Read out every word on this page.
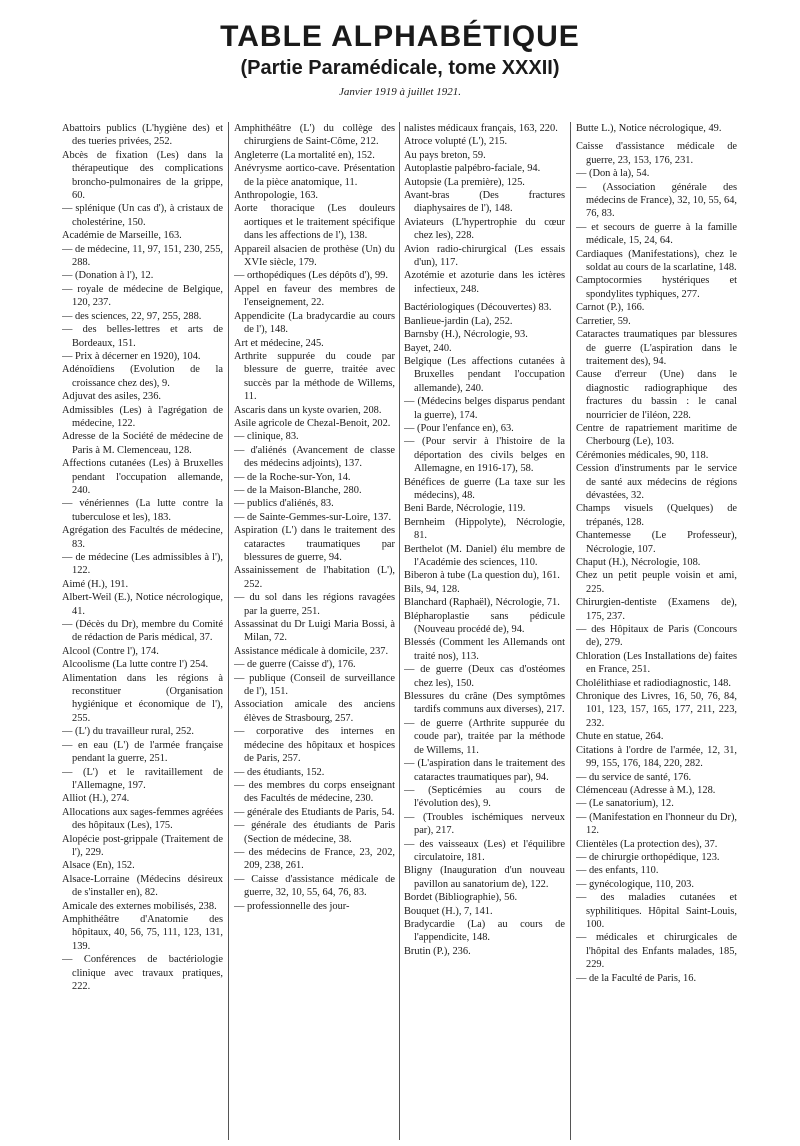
TABLE ALPHABÉTIQUE
(Partie Paramédicale, tome XXXII)
Janvier 1919 à juillet 1921.

Abattoirs publics (L'hygiène des) et des tueries privées, 252.

Abcès de fixation (Les) dans la thérapeutique des complications broncho-pulmonaires de la grippe, 60.

— splénique (Un cas d'), à cristaux de cholestérine, 150.

Académie de Marseille, 163.

— de médecine, 11, 97, 151, 230, 255, 288.

— (Donation à l'), 12.

— royale de médecine de Belgique, 120, 237.

— des sciences, 22, 97, 255, 288.

— des belles-lettres et arts de Bordeaux, 151.

— Prix à décerner en 1920), 104.

Adénoïdiens (Evolution de la croissance chez des), 9.

Adjuvat des asiles, 236.

Admissibles (Les) à l'agrégation de médecine, 122.

Adresse de la Société de médecine de Paris à M. Clemenceau, 128.

Affections cutanées (Les) à Bruxelles pendant l'occupation allemande, 240.

— vénériennes (La lutte contre la tuberculose et les), 183.

Agrégation des Facultés de médecine, 83.

— de médecine (Les admissibles à l'), 122.

Aimé (H.), 191.

Albert-Weil (E.), Notice nécrologique, 41.

— (Décès du Dr), membre du Comité de rédaction de Paris médical, 37.

Alcool (Contre l'), 174.

Alcoolisme (La lutte contre l') 254.

Alimentation dans les régions à reconstituer (Organisation hygiénique et économique de l'), 255.

— (L') du travailleur rural, 252.

— en eau (L') de l'armée française pendant la guerre, 251.

— (L') et le ravitaillement de l'Allemagne, 197.

Alliot (H.), 274.

Allocations aux sages-femmes agréées des hôpitaux (Les), 175.

Alopécie post-grippale (Traitement de l'), 229.

Alsace (En), 152.

Alsace-Lorraine (Médecins désireux de s'installer en), 82.

Amicale des externes mobilisés, 238.

Amphithéâtre d'Anatomie des hôpitaux, 40, 56, 75, 111, 123, 131, 139.

— Conférences de bactériologie clinique avec travaux pratiques, 222.

Amphithéâtre (L') du collège des chirurgiens de Saint-Côme, 212.

Angleterre (La mortalité en), 152.

Anévrysme aortico-cave. Présentation de la pièce anatomique, 11.

Anthropologie, 163.

Aorte thoracique (Les douleurs aortiques et le traitement spécifique dans les affections de l'), 138.

Appareil alsacien de prothèse (Un) du XVIe siècle, 179.

— orthopédiques (Les dépôts d'), 99.

Appel en faveur des membres de l'enseignement, 22.

Appendicite (La bradycardie au cours de l'), 148.

Art et médecine, 245.

Arthrite suppurée du coude par blessure de guerre, traitée avec succès par la méthode de Willems, 11.

Ascaris dans un kyste ovarien, 208.

Asile agricole de Chezal-Benoit, 202.

— clinique, 83.

— d'aliénés (Avancement de classe des médecins adjoints), 137.

— de la Roche-sur-Yon, 14.

— de la Maison-Blanche, 280.

— publics d'aliénés, 83.

— de Sainte-Gemmes-sur-Loire, 137.

Aspiration (L') dans le traitement des cataractes traumatiques par blessures de guerre, 94.

Assainissement de l'habitation (L'), 252.

— du sol dans les régions ravagées par la guerre, 251.

Assassinat du Dr Luigi Maria Bossi, à Milan, 72.

Assistance médicale à domicile, 237.

— de guerre (Caisse d'), 176.

— publique (Conseil de surveillance de l'), 151.

Association amicale des anciens élèves de Strasbourg, 257.

— corporative des internes en médecine des hôpitaux et hospices de Paris, 257.

— des étudiants, 152.

— des membres du corps enseignant des Facultés de médecine, 230.

— générale des Etudiants de Paris, 54.

— générale des étudiants de Paris (Section de médecine, 38.

— des médecins de France, 23, 202, 209, 238, 261.

— Caisse d'assistance médicale de guerre, 32, 10, 55, 64, 76, 83.

— professionnelle des jour-

nalistes médicaux français, 163, 220.

Atroce volupté (L'), 215.

Au pays breton, 59.

Autoplastie palpébro-faciale, 94.

Autopsie (La première), 125.

Avant-bras (Des fractures diaphysaires de l'), 148.

Aviateurs (L'hypertrophie du cœur chez les), 228.

Avion radio-chirurgical (Les essais d'un), 117.

Azotémie et azoturie dans les ictères infectieux, 248.

Bactériologiques (Découvertes) 83.

Banlieue-jardin (La), 252.

Barnsby (H.), Nécrologie, 93.

Bayet, 240.

Belgique (Les affections cutanées à Bruxelles pendant l'occupation allemande), 240.

— (Médecins belges disparus pendant la guerre), 174.

— (Pour l'enfance en), 63.

— (Pour servir à l'histoire de la déportation des civils belges en Allemagne, en 1916-17), 58.

Bénéfices de guerre (La taxe sur les médecins), 48.

Beni Barde, Nécrologie, 119.

Bernheim (Hippolyte), Nécrologie, 81.

Berthelot (M. Daniel) élu membre de l'Académie des sciences, 110.

Biberon à tube (La question du), 161.

Bils, 94, 128.

Blanchard (Raphaël), Nécrologie, 71.

Blépharoplastie sans pédicule (Nouveau procédé de), 94.

Blessés (Comment les Allemands ont traité nos), 113.

— de guerre (Deux cas d'ostéomes chez les), 150.

Blessures du crâne (Des symptômes tardifs communs aux diverses), 217.

— de guerre (Arthrite suppurée du coude par), traitée par la méthode de Willems, 11.

— (L'aspiration dans le traitement des cataractes traumatiques par), 94.

— (Septicémies au cours de l'évolution des), 9.

— (Troubles ischémiques nerveux par), 217.

— des vaisseaux (Les) et l'équilibre circulatoire, 181.

Bligny (Inauguration d'un nouveau pavillon au sanatorium de), 122.

Bordet (Bibliographie), 56.

Bouquet (H.), 7, 141.

Bradycardie (La) au cours de l'appendicite, 148.

Brutin (P.), 236.

Butte L.), Notice nécrologique, 49.

Caisse d'assistance médicale de guerre, 23, 153, 176, 231.

— (Don à la), 54.

— (Association générale des médecins de France), 32, 10, 55, 64, 76, 83.

— et secours de guerre à la famille médicale, 15, 24, 64.

Cardiaques (Manifestations), chez le soldat au cours de la scarlatine, 148.

Camptocormies hystériques et spondylites typhiques, 277.

Carnot (P.), 166.

Carretier, 59.

Cataractes traumatiques par blessures de guerre (L'aspiration dans le traitement des), 94.

Cause d'erreur (Une) dans le diagnostic radiographique des fractures du bassin : le canal nourricier de l'iléon, 228.

Centre de rapatriement maritime de Cherbourg (Le), 103.

Cérémonies médicales, 90, 118.

Cession d'instruments par le service de santé aux médecins de régions dévastées, 32.

Champs visuels (Quelques) de trépanés, 128.

Chantemesse (Le Professeur), Nécrologie, 107.

Chaput (H.), Nécrologie, 108.

Chez un petit peuple voisin et ami, 225.

Chirurgien-dentiste (Examens de), 175, 237.

— des Hôpitaux de Paris (Concours de), 279.

Chloration (Les Installations de) faites en France, 251.

Cholélithiase et radiodiagnostic, 148.

Chronique des Livres, 16, 50, 76, 84, 101, 123, 157, 165, 177, 211, 223, 232.

Chute en statue, 264.

Citations à l'ordre de l'armée, 12, 31, 99, 155, 176, 184, 220, 282.

— du service de santé, 176.

Clémenceau (Adresse à M.), 128.

— (Le sanatorium), 12.

— (Manifestation en l'honneur du Dr), 12.

Clientèles (La protection des), 37.

— de chirurgie orthopédique, 123.

— des enfants, 110.

— gynécologique, 110, 203.

— des maladies cutanées et syphilitiques. Hôpital Saint-Louis, 100.

— médicales et chirurgicales de l'hôpital des Enfants malades, 185, 229.

— de la Faculté de Paris, 16.
